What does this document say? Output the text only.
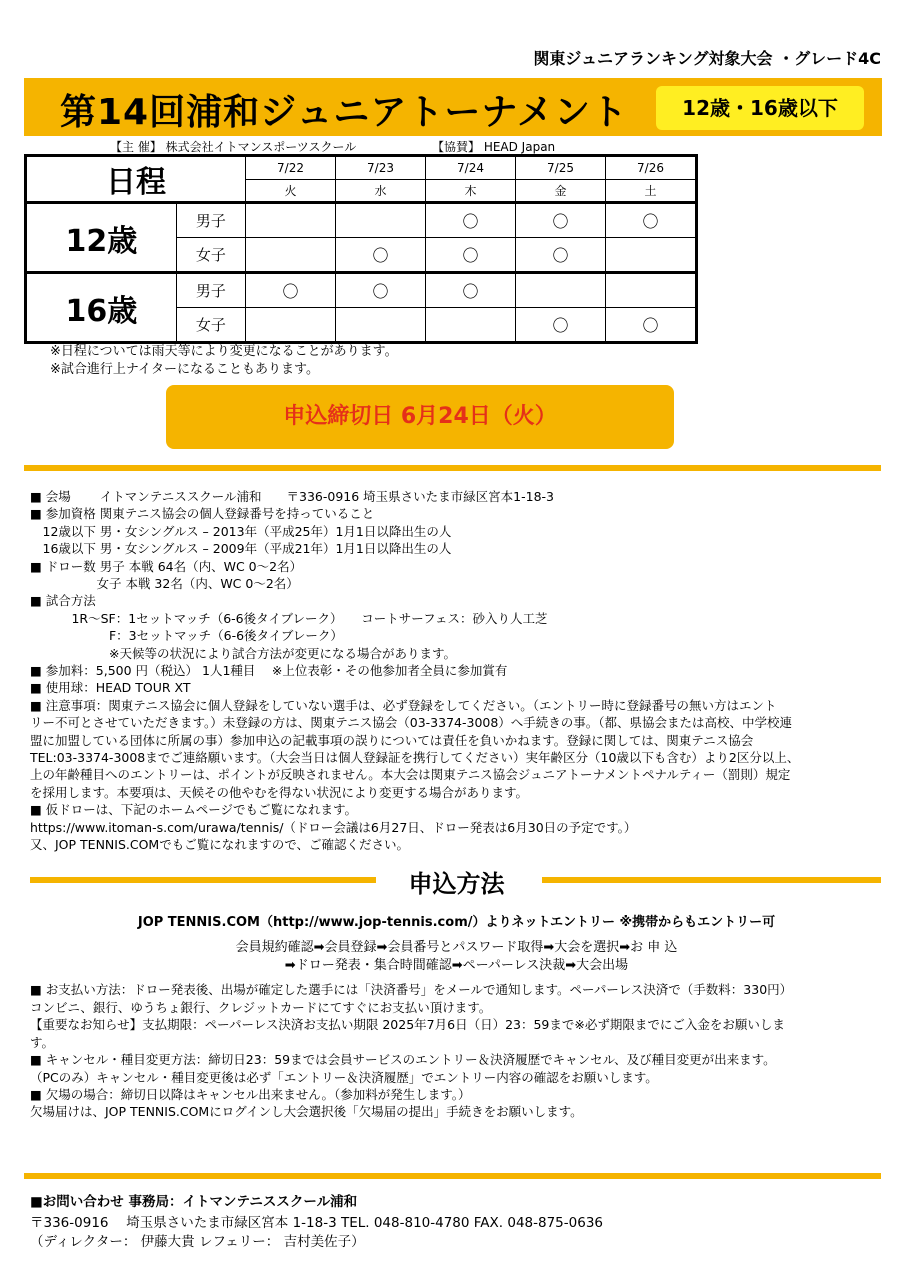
関東ジュニアランキング対象大会 ・グレード4C
第14回浦和ジュニアトーナメント	12歳・16歳以下
【主 催】 株式会社イトマンスポーツスクール	【協賛】 HEAD Japan
日程		7/22	7/23	7/24	7/25	7/26
		火	水	木	金	土
12歳	男子			〇	〇	〇
	女子		〇	〇	〇	
16歳	男子	〇	〇	〇		
	女子				〇	〇
※日程については雨天等により変更になることがあります。
※試合進行上ナイターになることもあります。
申込締切日 6月24日（火）
■ 会場　　 イトマンテニススクール浦和　　〒336-0916 埼玉県さいたま市緑区宮本1-18-3
■ 参加資格 関東テニス協会の個人登録番号を持っていること
　12歳以下 男・女シングルス – 2013年（平成25年）1月1日以降出生の人
　16歳以下 男・女シングルス – 2009年（平成21年）1月1日以降出生の人
■ ドロー数 男子 本戦 64名（内、WC 0～2名）
　　　　　 女子 本戦 32名（内、WC 0～2名）
■ 試合方法
　　　 1R～SF：1セットマッチ（6-6後タイブレーク）　　コートサーフェス：砂入り人工芝
　　　　　　 F：3セットマッチ（6-6後タイブレーク）
　　　　　　 ※天候等の状況により試合方法が変更になる場合があります。
■ 参加料：5,500 円（税込） 1人1種目　 ※上位表彰・その他参加者全員に参加賞有
■ 使用球：HEAD TOUR XT
■ 注意事項：関東テニス協会に個人登録をしていない選手は、必ず登録をしてください。（エントリー時に登録番号の無い方はエント
リー不可とさせていただきます。）未登録の方は、関東テニス協会（03-3374-3008）へ手続きの事。（都、県協会または高校、中学校連
盟に加盟している団体に所属の事）参加申込の記載事項の誤りについては責任を負いかねます。登録に関しては、関東テニス協会
TEL:03-3374-3008までご連絡願います。（大会当日は個人登録証を携行してください）実年齢区分（10歳以下も含む）より2区分以上、
上の年齢種目へのエントリーは、ポイントが反映されません。本大会は関東テニス協会ジュニアトーナメントペナルティー（罰則）規定
を採用します。本要項は、天候その他やむを得ない状況により変更する場合があります。
■ 仮ドローは、下記のホームページでもご覧になれます。
https://www.itoman-s.com/urawa/tennis/（ドロー会議は6月27日、ドロー発表は6月30日の予定です。）
又、JOP TENNIS.COMでもご覧になれますので、ご確認ください。
申込方法
JOP TENNIS.COM（http://www.jop-tennis.com/）よりネットエントリー ※携帯からもエントリー可
会員規約確認➡会員登録➡会員番号とパスワード取得➡大会を選択➡お 申 込
➡ドロー発表・集合時間確認➡ペーパーレス決裁➡大会出場
■ お支払い方法：ドロー発表後、出場が確定した選手には「決済番号」をメールで通知します。ペーパーレス決済で（手数料：330円）
コンビニ、銀行、ゆうちょ銀行、クレジットカードにてすぐにお支払い頂けます。
【重要なお知らせ】支払期限：ペーパーレス決済お支払い期限 2025年7月6日（日）23：59まで※必ず期限までにご入金をお願いしま
す。
■ キャンセル・種目変更方法：締切日23：59までは会員サービスのエントリー＆決済履歴でキャンセル、及び種目変更が出来ます。
（PCのみ）キャンセル・種目変更後は必ず「エントリー＆決済履歴」でエントリー内容の確認をお願いします。
■ 欠場の場合：締切日以降はキャンセル出来ません。（参加料が発生します。）
欠場届けは、JOP TENNIS.COMにログインし大会選択後「欠場届の提出」手続きをお願いします。
■お問い合わせ 事務局：イトマンテニススクール浦和
〒336-0916　 埼玉県さいたま市緑区宮本 1-18-3 TEL. 048-810-4780 FAX. 048-875-0636
（ディレクター： 伊藤大貴 レフェリー： 吉村美佐子）
